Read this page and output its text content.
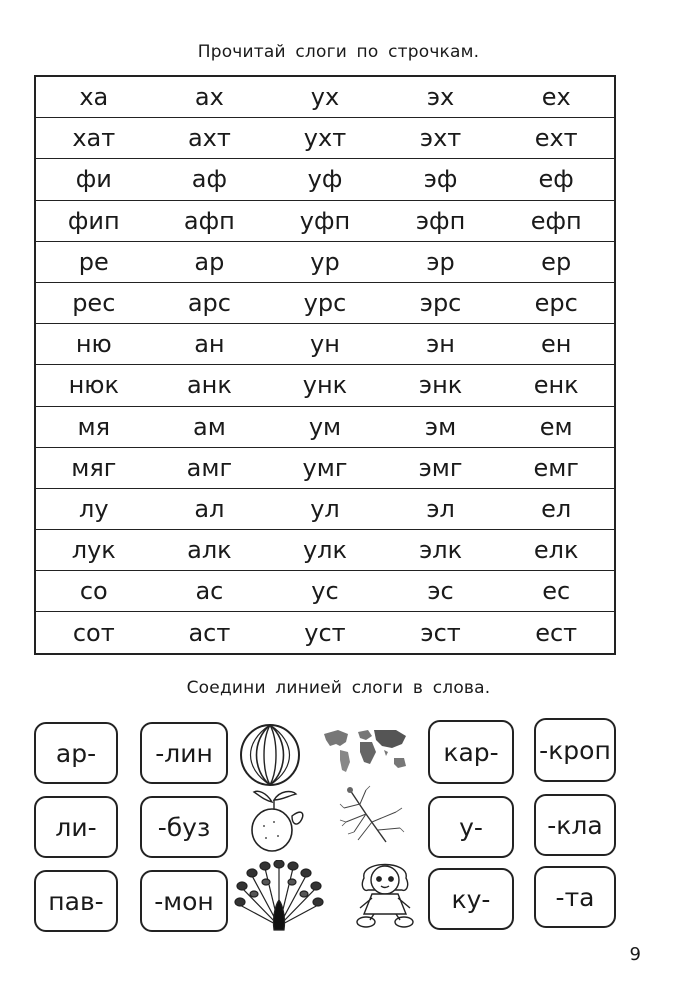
Прочитай слоги по строчкам.
ха	ах	ух	эх	ех
хат	ахт	ухт	эхт	ехт
фи	аф	уф	эф	еф
фип	афп	уфп	эфп	ефп
ре	ар	ур	эр	ер
рес	арс	урс	эрс	ерс
ню	ан	ун	эн	ен
нюк	анк	унк	энк	енк
мя	ам	ум	эм	ем
мяг	амг	умг	эмг	емг
лу	ал	ул	эл	ел
лук	алк	улк	элк	елк
со	ас	ус	эс	ес
сот	аст	уст	эст	ест
Соедини линией слоги в слова.
ар-
ли-
пав-
-лин
-буз
-мон
кар-
у-
ку-
-кроп
-кла
-та
9
